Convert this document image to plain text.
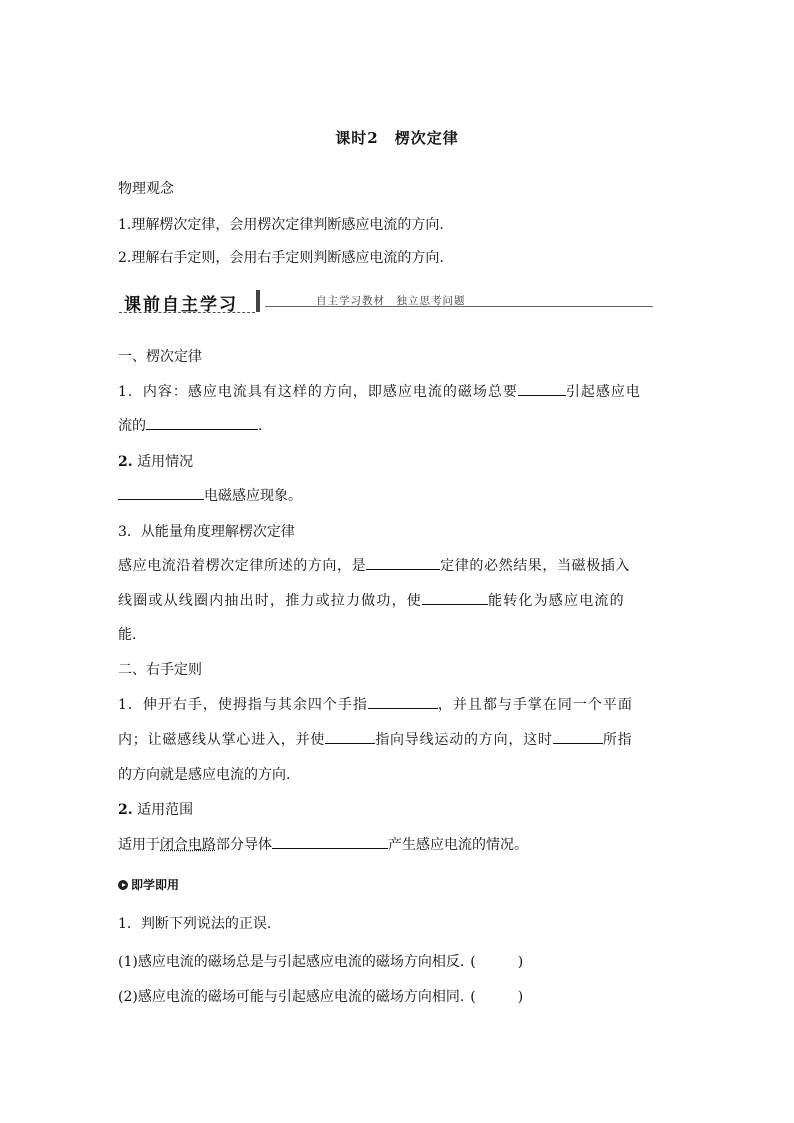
课时2　楞次定律
物理观念
1.理解楞次定律，会用楞次定律判断感应电流的方向.
2.理解右手定则，会用右手定则判断感应电流的方向.
课前自主学习	自主学习教材　独立思考问题
一、楞次定律
1．内容：感应电流具有这样的方向，即感应电流的磁场总要	引起感应电
流的	.
2. 适用情况
电磁感应现象。
3．从能量角度理解楞次定律
感应电流沿着楞次定律所述的方向，是	定律的必然结果，当磁极插入
线圈或从线圈内抽出时，推力或拉力做功，使	能转化为感应电流的
能.
二、右手定则
1．伸开右手，使拇指与其余四个手指	，并且都与手掌在同一个平面
内；让磁感线从掌心进入，并使	指向导线运动的方向，这时	所指
的方向就是感应电流的方向.
2. 适用范围
适用于闭合电路部分导体	产生感应电流的情况。
即学即用
1．判断下列说法的正误.
(1)感应电流的磁场总是与引起感应电流的磁场方向相反. (	)
(2)感应电流的磁场可能与引起感应电流的磁场方向相同. (	)
